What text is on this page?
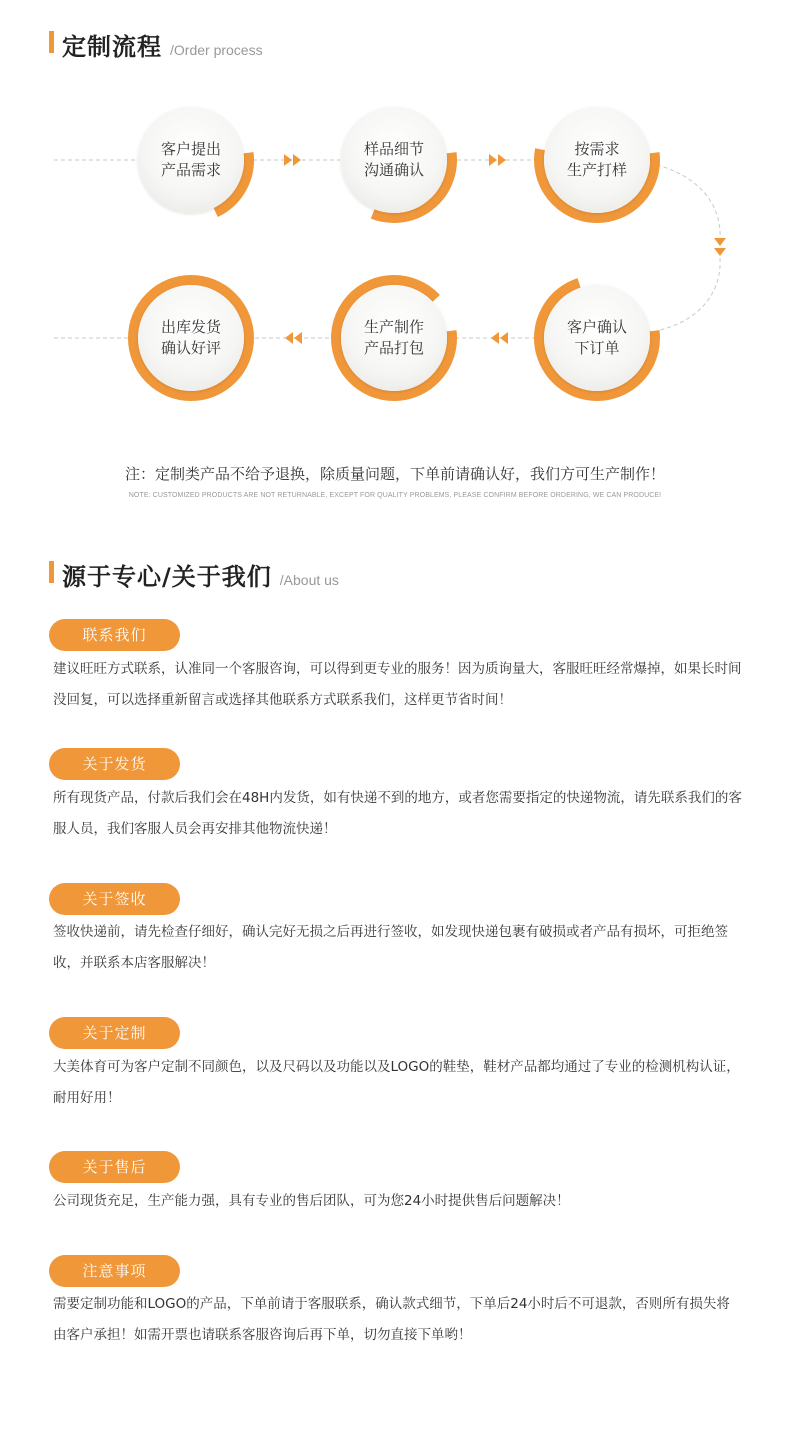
定制流程 /Order process
客户提出
产品需求
样品细节
沟通确认
按需求
生产打样
客户确认
下订单
生产制作
产品打包
出库发货
确认好评
注：定制类产品不给予退换，除质量问题，下单前请确认好，我们方可生产制作！
NOTE: CUSTOMIZED PRODUCTS ARE NOT RETURNABLE, EXCEPT FOR QUALITY PROBLEMS, PLEASE CONFIRM BEFORE ORDERING, WE CAN PRODUCE!
源于专心/关于我们 /About us
联系我们
建议旺旺方式联系，认准同一个客服咨询，可以得到更专业的服务！因为质询量大，客服旺旺经常爆掉，如果长时间没回复，可以选择重新留言或选择其他联系方式联系我们，这样更节省时间！
关于发货
所有现货产品，付款后我们会在48H内发货，如有快递不到的地方，或者您需要指定的快递物流，请先联系我们的客服人员，我们客服人员会再安排其他物流快递！
关于签收
签收快递前，请先检查仔细好，确认完好无损之后再进行签收，如发现快递包裹有破损或者产品有损坏，可拒绝签收，并联系本店客服解决！
关于定制
大美体育可为客户定制不同颜色，以及尺码以及功能以及LOGO的鞋垫，鞋材产品都均通过了专业的检测机构认证，耐用好用！
关于售后
公司现货充足，生产能力强，具有专业的售后团队，可为您24小时提供售后问题解决！
注意事项
需要定制功能和LOGO的产品，下单前请于客服联系，确认款式细节，下单后24小时后不可退款，否则所有损失将由客户承担！如需开票也请联系客服咨询后再下单，切勿直接下单哟！
